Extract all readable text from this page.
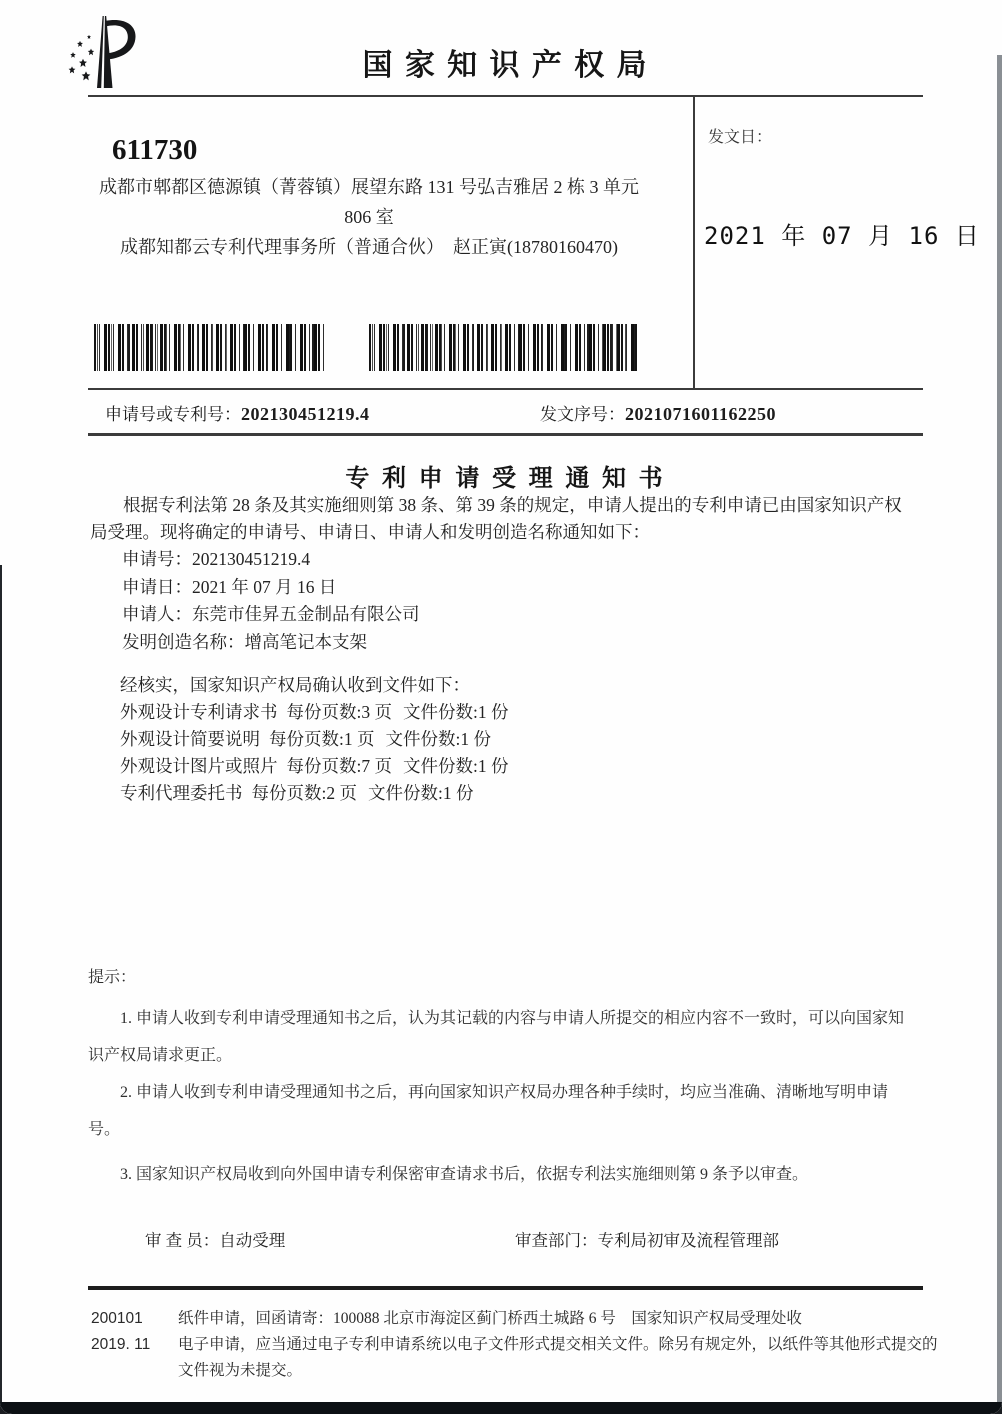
国 家 知 识 产 权 局
611730
成都市郫都区德源镇（菁蓉镇）展望东路 131 号弘吉雅居 2 栋 3 单元
806 室
成都知都云专利代理事务所（普通合伙）　赵正寅(18780160470)
发文日：
2021 年 07 月 16 日
申请号或专利号：202130451219.4	发文序号：2021071601162250
专 利 申 请 受 理 通 知 书
根据专利法第 28 条及其实施细则第 38 条、第 39 条的规定，申请人提出的专利申请已由国家知识产权局受理。现将确定的申请号、申请日、申请人和发明创造名称通知如下：
申请号：202130451219.4
申请日：2021 年 07 月 16 日
申请人：东莞市佳昇五金制品有限公司
发明创造名称：增高笔记本支架
经核实，国家知识产权局确认收到文件如下：
外观设计专利请求书 每份页数:3 页 文件份数:1 份
外观设计简要说明 每份页数:1 页 文件份数:1 份
外观设计图片或照片 每份页数:7 页 文件份数:1 份
专利代理委托书 每份页数:2 页 文件份数:1 份
提示：

1. 申请人收到专利申请受理通知书之后，认为其记载的内容与申请人所提交的相应内容不一致时，可以向国家知识产权局请求更正。

2. 申请人收到专利申请受理通知书之后，再向国家知识产权局办理各种手续时，均应当准确、清晰地写明申请号。

3. 国家知识产权局收到向外国申请专利保密审查请求书后，依据专利法实施细则第 9 条予以审查。

审 查 员：自动受理	审查部门：专利局初审及流程管理部
200101
2019. 11

纸件申请，回函请寄：100088 北京市海淀区蓟门桥西土城路 6 号　国家知识产权局受理处收

电子申请，应当通过电子专利申请系统以电子文件形式提交相关文件。除另有规定外，以纸件等其他形式提交的文件视为未提交。
